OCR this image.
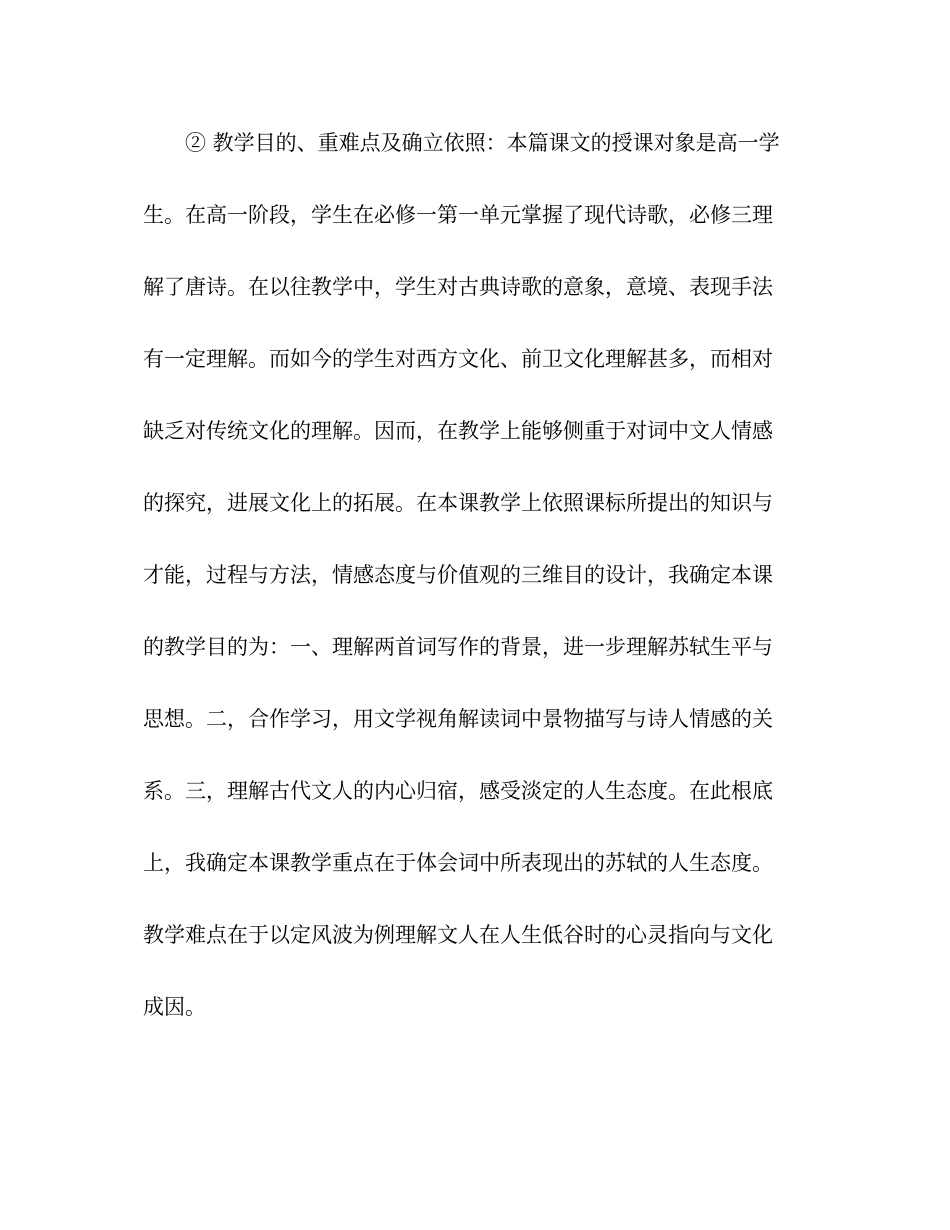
② 教学目的、重难点及确立依照：本篇课文的授课对象是高一学
生。在高一阶段，学生在必修一第一单元掌握了现代诗歌，必修三理
解了唐诗。在以往教学中，学生对古典诗歌的意象，意境、表现手法
有一定理解。而如今的学生对西方文化、前卫文化理解甚多，而相对
缺乏对传统文化的理解。因而，在教学上能够侧重于对词中文人情感
的探究，进展文化上的拓展。在本课教学上依照课标所提出的知识与
才能，过程与方法，情感态度与价值观的三维目的设计，我确定本课
的教学目的为：一、理解两首词写作的背景，进一步理解苏轼生平与
思想。二，合作学习，用文学视角解读词中景物描写与诗人情感的关
系。三，理解古代文人的内心归宿，感受淡定的人生态度。在此根底
上，我确定本课教学重点在于体会词中所表现出的苏轼的人生态度。
教学难点在于以定风波为例理解文人在人生低谷时的心灵指向与文化
成因。
